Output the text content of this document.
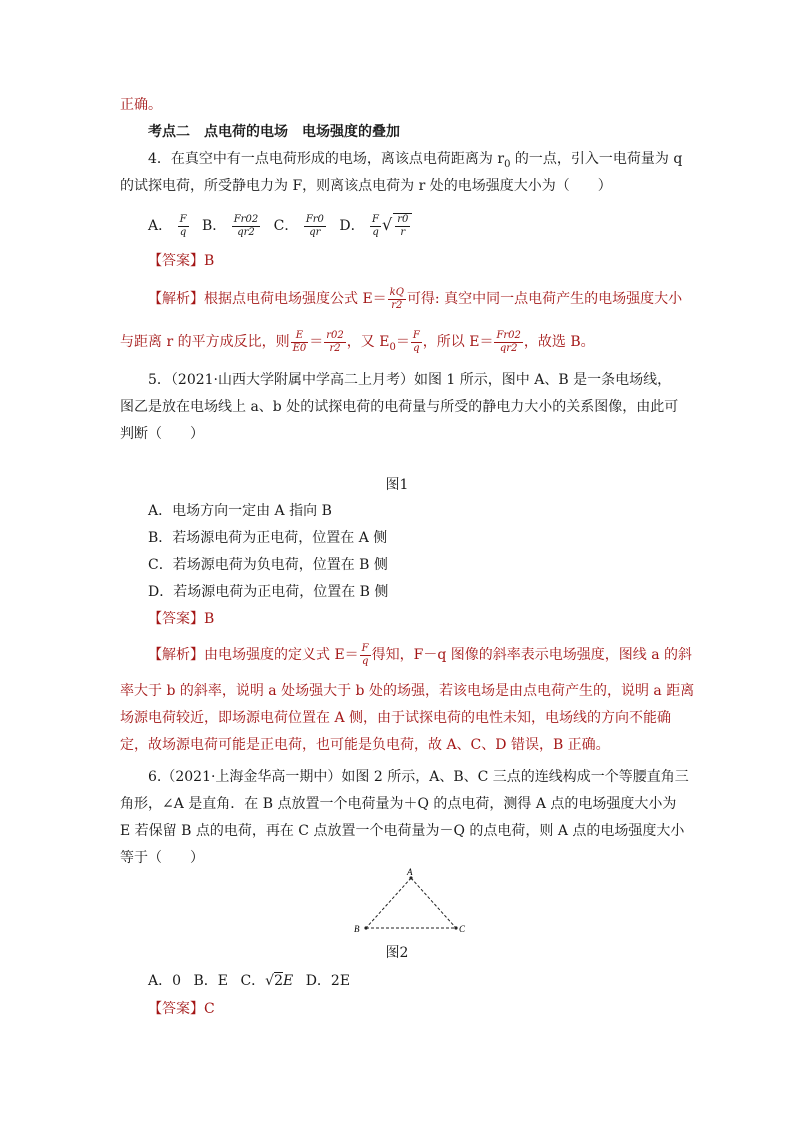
正确。
考点二　点电荷的电场　电场强度的叠加
4．在真空中有一点电荷形成的电场，离该点电荷距离为 $r_0$ 的一点，引入一电荷量为 q
的试探电荷，所受静电力为 F，则离该点电荷为 r 处的电场强度大小为（　　）
A． $\frac{F}{q}$ B． $\frac{Fr02}{qr2}$ C． $\frac{Fr0}{qr}$ D． $\frac{F}{q}$ √ $\frac{r0}{r}$
【答案】B
【解析】根据点电荷电场强度公式 $E= \frac{kQ}{r2}$ 可得: 真空中同一点电荷产生的电场强度大小
与距离 r 的平方成反比，则 $\frac{E}{E0} = \frac{r02}{r2}$ ，又 $E_0= \frac{F}{q}$ ，所以 $E= \frac{Fr02}{qr2}$ ，故选 B。
5．（2021·山西大学附属中学高二上月考）如图 1 所示，图中 A、B 是一条电场线，
图乙是放在电场线上 a、b 处的试探电荷的电荷量与所受的静电力大小的关系图像，由此可
判断（　　）
图1
A．电场方向一定由 A 指向 B
B．若场源电荷为正电荷，位置在 A 侧
C．若场源电荷为负电荷，位置在 B 侧
D．若场源电荷为正电荷，位置在 B 侧
【答案】B
【解析】由电场强度的定义式 $E= \frac{F}{q}$ 得知，F－q 图像的斜率表示电场强度，图线 a 的斜
率大于 b 的斜率，说明 a 处场强大于 b 处的场强，若该电场是由点电荷产生的，说明 a 距离
场源电荷较近，即场源电荷位置在 A 侧，由于试探电荷的电性未知，电场线的方向不能确
定，故场源电荷可能是正电荷，也可能是负电荷，故 A、C、D 错误，B 正确。
6.（2021·上海金华高一期中）如图 2 所示，A、B、C 三点的连线构成一个等腰直角三
角形，∠A 是直角．在 B 点放置一个电荷量为＋Q 的点电荷，测得 A 点的电场强度大小为
E 若保留 B 点的电荷，再在 C 点放置一个电荷量为－Q 的点电荷，则 A 点的电场强度大小
等于（　　）
A
B	C
图2
A．0 B．E C．√2E D．2E
【答案】C
